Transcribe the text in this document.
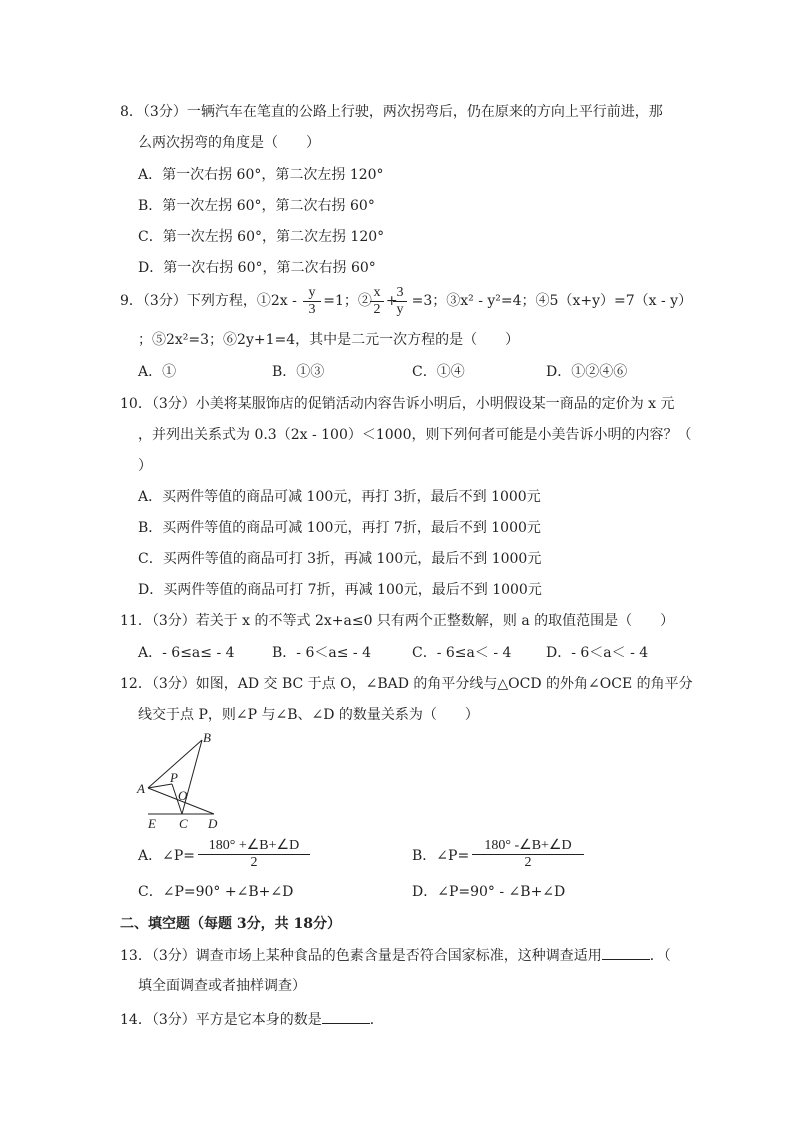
8．（3分）一辆汽车在笔直的公路上行驶，两次拐弯后，仍在原来的方向上平行前进，那
么两次拐弯的角度是（　　）
A．第一次右拐 60°，第二次左拐 120°
B．第一次左拐 60°，第二次右拐 60°
C．第一次左拐 60°，第二次左拐 120°
D．第一次右拐 60°，第二次右拐 60°
9．（3分）下列方程，①2x - =1；② + =3；③x² - y²=4；④5（x+y）=7（x - y）
$\frac{y}{3}$	$\frac{x}{2} \frac{3}{y}$
；⑤2x²=3；⑥2y+1=4，其中是二元一次方程的是（　　）
A．①	B．①③	C．①④	D．①②④⑥
10．（3分）小美将某服饰店的促销活动内容告诉小明后，小明假设某一商品的定价为 x 元
，并列出关系式为 0.3（2x - 100）＜1000，则下列何者可能是小美告诉小明的内容？（
）
A．买两件等值的商品可减 100元，再打 3折，最后不到 1000元
B．买两件等值的商品可减 100元，再打 7折，最后不到 1000元
C．买两件等值的商品可打 3折，再减 100元，最后不到 1000元
D．买两件等值的商品可打 7折，再减 100元，最后不到 1000元
11．（3分）若关于 x 的不等式 2x+a≤0 只有两个正整数解，则 a 的取值范围是（　　）
A．- 6≤a≤ - 4	B．- 6＜a≤ - 4	C．- 6≤a＜ - 4 D．- 6＜a＜ - 4
12．（3分）如图，AD 交 BC 于点 O，∠BAD 的角平分线与△OCD 的外角∠OCE 的角平分
线交于点 P，则∠P 与∠B、∠D 的数量关系为（　　）
B
A
P
O
E C D
A．∠P= $\frac{180^\circ +\angle B+\angle D}{2}$	B．∠P= $\frac{180^\circ -\angle B+\angle D}{2}$
C．∠P=90° +∠B+∠D	D．∠P=90° - ∠B+∠D
二、填空题（每题 3分，共 18分）
13．（3分）调查市场上某种食品的色素含量是否符合国家标准，这种调查适用	．（
填全面调查或者抽样调查）
14．（3分）平方是它本身的数是	．
